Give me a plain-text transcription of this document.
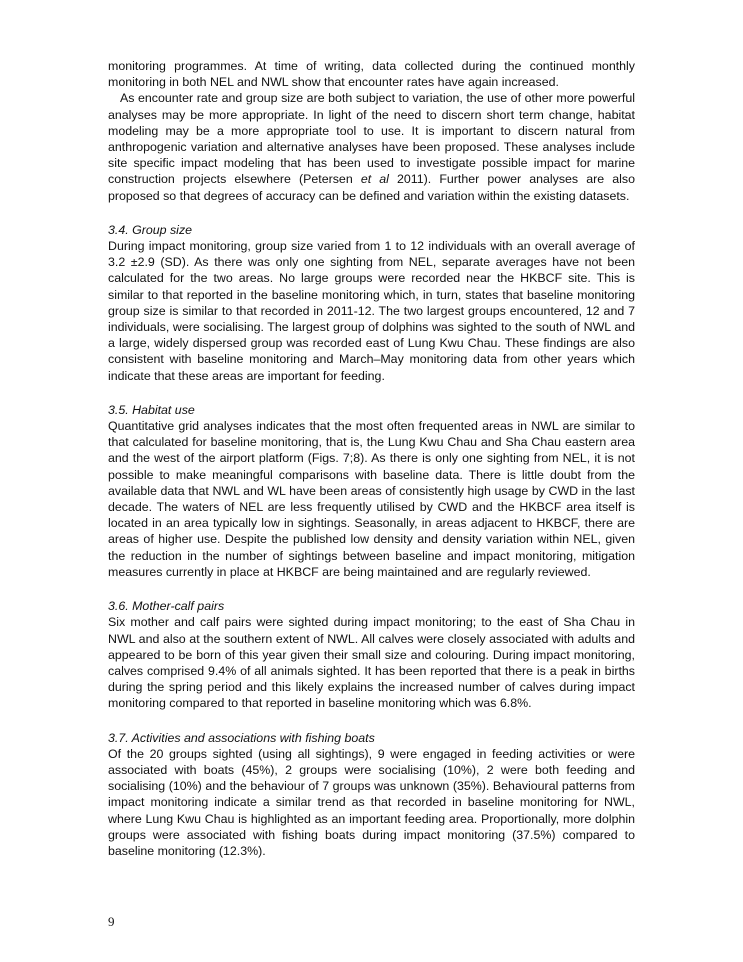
monitoring programmes. At time of writing, data collected during the continued monthly monitoring in both NEL and NWL show that encounter rates have again increased.

As encounter rate and group size are both subject to variation, the use of other more powerful analyses may be more appropriate. In light of the need to discern short term change, habitat modeling may be a more appropriate tool to use. It is important to discern natural from anthropogenic variation and alternative analyses have been proposed. These analyses include site specific impact modeling that has been used to investigate possible impact for marine construction projects elsewhere (Petersen et al 2011). Further power analyses are also proposed so that degrees of accuracy can be defined and variation within the existing datasets.

3.4. Group size

During impact monitoring, group size varied from 1 to 12 individuals with an overall average of 3.2 ±2.9 (SD). As there was only one sighting from NEL, separate averages have not been calculated for the two areas. No large groups were recorded near the HKBCF site. This is similar to that reported in the baseline monitoring which, in turn, states that baseline monitoring group size is similar to that recorded in 2011-12. The two largest groups encountered, 12 and 7 individuals, were socialising. The largest group of dolphins was sighted to the south of NWL and a large, widely dispersed group was recorded east of Lung Kwu Chau. These findings are also consistent with baseline monitoring and March–May monitoring data from other years which indicate that these areas are important for feeding.

3.5. Habitat use

Quantitative grid analyses indicates that the most often frequented areas in NWL are similar to that calculated for baseline monitoring, that is, the Lung Kwu Chau and Sha Chau eastern area and the west of the airport platform (Figs. 7;8). As there is only one sighting from NEL, it is not possible to make meaningful comparisons with baseline data. There is little doubt from the available data that NWL and WL have been areas of consistently high usage by CWD in the last decade. The waters of NEL are less frequently utilised by CWD and the HKBCF area itself is located in an area typically low in sightings. Seasonally, in areas adjacent to HKBCF, there are areas of higher use. Despite the published low density and density variation within NEL, given the reduction in the number of sightings between baseline and impact monitoring, mitigation measures currently in place at HKBCF are being maintained and are regularly reviewed.

3.6. Mother-calf pairs

Six mother and calf pairs were sighted during impact monitoring; to the east of Sha Chau in NWL and also at the southern extent of NWL. All calves were closely associated with adults and appeared to be born of this year given their small size and colouring. During impact monitoring, calves comprised 9.4% of all animals sighted. It has been reported that there is a peak in births during the spring period and this likely explains the increased number of calves during impact monitoring compared to that reported in baseline monitoring which was 6.8%.

3.7. Activities and associations with fishing boats

Of the 20 groups sighted (using all sightings), 9 were engaged in feeding activities or were associated with boats (45%), 2 groups were socialising (10%), 2 were both feeding and socialising (10%) and the behaviour of 7 groups was unknown (35%). Behavioural patterns from impact monitoring indicate a similar trend as that recorded in baseline monitoring for NWL, where Lung Kwu Chau is highlighted as an important feeding area. Proportionally, more dolphin groups were associated with fishing boats during impact monitoring (37.5%) compared to baseline monitoring (12.3%).

9
